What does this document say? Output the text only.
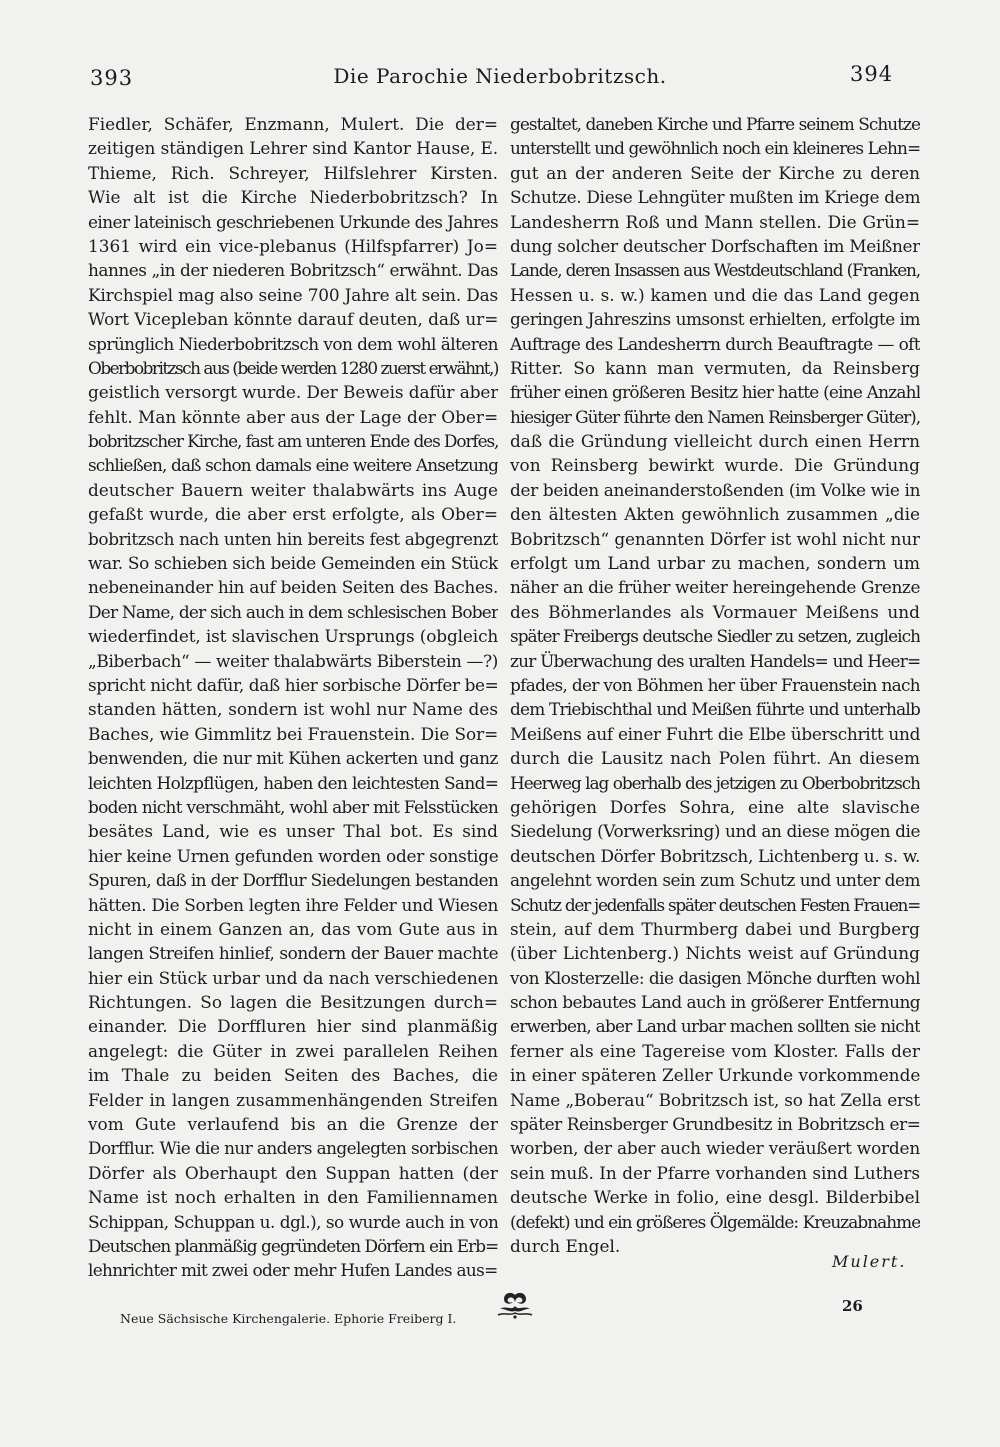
393	Die Parochie Niederbobritzsch.	394
Fiedler, Schäfer, Enzmann, Mulert. Die der=
zeitigen ständigen Lehrer sind Kantor Hause, E.
Thieme, Rich. Schreyer, Hilfslehrer Kirsten.
Wie alt ist die Kirche Niederbobritzsch? In
einer lateinisch geschriebenen Urkunde des Jahres
1361 wird ein vice-plebanus (Hilfspfarrer) Jo=
hannes „in der niederen Bobritzsch“ erwähnt. Das
Kirchspiel mag also seine 700 Jahre alt sein. Das
Wort Vicepleban könnte darauf deuten, daß ur=
sprünglich Niederbobritzsch von dem wohl älteren
Oberbobritzsch aus (beide werden 1280 zuerst erwähnt,)
geistlich versorgt wurde. Der Beweis dafür aber
fehlt. Man könnte aber aus der Lage der Ober=
bobritzscher Kirche, fast am unteren Ende des Dorfes,
schließen, daß schon damals eine weitere Ansetzung
deutscher Bauern weiter thalabwärts ins Auge
gefaßt wurde, die aber erst erfolgte, als Ober=
bobritzsch nach unten hin bereits fest abgegrenzt
war. So schieben sich beide Gemeinden ein Stück
nebeneinander hin auf beiden Seiten des Baches.
Der Name, der sich auch in dem schlesischen Bober
wiederfindet, ist slavischen Ursprungs (obgleich
„Biberbach“ — weiter thalabwärts Biberstein —?)
spricht nicht dafür, daß hier sorbische Dörfer be=
standen hätten, sondern ist wohl nur Name des
Baches, wie Gimmlitz bei Frauenstein. Die Sor=
benwenden, die nur mit Kühen ackerten und ganz
leichten Holzpflügen, haben den leichtesten Sand=
boden nicht verschmäht, wohl aber mit Felsstücken
besätes Land, wie es unser Thal bot. Es sind
hier keine Urnen gefunden worden oder sonstige
Spuren, daß in der Dorfflur Siedelungen bestanden
hätten. Die Sorben legten ihre Felder und Wiesen
nicht in einem Ganzen an, das vom Gute aus in
langen Streifen hinlief, sondern der Bauer machte
hier ein Stück urbar und da nach verschiedenen
Richtungen. So lagen die Besitzungen durch=
einander. Die Dorffluren hier sind planmäßig
angelegt: die Güter in zwei parallelen Reihen
im Thale zu beiden Seiten des Baches, die
Felder in langen zusammenhängenden Streifen
vom Gute verlaufend bis an die Grenze der
Dorfflur. Wie die nur anders angelegten sorbischen
Dörfer als Oberhaupt den Suppan hatten (der
Name ist noch erhalten in den Familiennamen
Schippan, Schuppan u. dgl.), so wurde auch in von
Deutschen planmäßig gegründeten Dörfern ein Erb=
lehnrichter mit zwei oder mehr Hufen Landes aus=
gestaltet, daneben Kirche und Pfarre seinem Schutze
unterstellt und gewöhnlich noch ein kleineres Lehn=
gut an der anderen Seite der Kirche zu deren
Schutze. Diese Lehngüter mußten im Kriege dem
Landesherrn Roß und Mann stellen. Die Grün=
dung solcher deutscher Dorfschaften im Meißner
Lande, deren Insassen aus Westdeutschland (Franken,
Hessen u. s. w.) kamen und die das Land gegen
geringen Jahreszins umsonst erhielten, erfolgte im
Auftrage des Landesherrn durch Beauftragte — oft
Ritter. So kann man vermuten, da Reinsberg
früher einen größeren Besitz hier hatte (eine Anzahl
hiesiger Güter führte den Namen Reinsberger Güter),
daß die Gründung vielleicht durch einen Herrn
von Reinsberg bewirkt wurde. Die Gründung
der beiden aneinanderstoßenden (im Volke wie in
den ältesten Akten gewöhnlich zusammen „die
Bobritzsch“ genannten Dörfer ist wohl nicht nur
erfolgt um Land urbar zu machen, sondern um
näher an die früher weiter hereingehende Grenze
des Böhmerlandes als Vormauer Meißens und
später Freibergs deutsche Siedler zu setzen, zugleich
zur Überwachung des uralten Handels= und Heer=
pfades, der von Böhmen her über Frauenstein nach
dem Triebischthal und Meißen führte und unterhalb
Meißens auf einer Fuhrt die Elbe überschritt und
durch die Lausitz nach Polen führt. An diesem
Heerweg lag oberhalb des jetzigen zu Oberbobritzsch
gehörigen Dorfes Sohra, eine alte slavische
Siedelung (Vorwerksring) und an diese mögen die
deutschen Dörfer Bobritzsch, Lichtenberg u. s. w.
angelehnt worden sein zum Schutz und unter dem
Schutz der jedenfalls später deutschen Festen Frauen=
stein, auf dem Thurmberg dabei und Burgberg
(über Lichtenberg.) Nichts weist auf Gründung
von Klosterzelle: die dasigen Mönche durften wohl
schon bebautes Land auch in größerer Entfernung
erwerben, aber Land urbar machen sollten sie nicht
ferner als eine Tagereise vom Kloster. Falls der
in einer späteren Zeller Urkunde vorkommende
Name „Boberau“ Bobritzsch ist, so hat Zella erst
später Reinsberger Grundbesitz in Bobritzsch er=
worben, der aber auch wieder veräußert worden
sein muß. In der Pfarre vorhanden sind Luthers
deutsche Werke in folio, eine desgl. Bilderbibel
(defekt) und ein größeres Ölgemälde: Kreuzabnahme
durch Engel.
Mulert.
Neue Sächsische Kirchengalerie. Ephorie Freiberg I.
26
